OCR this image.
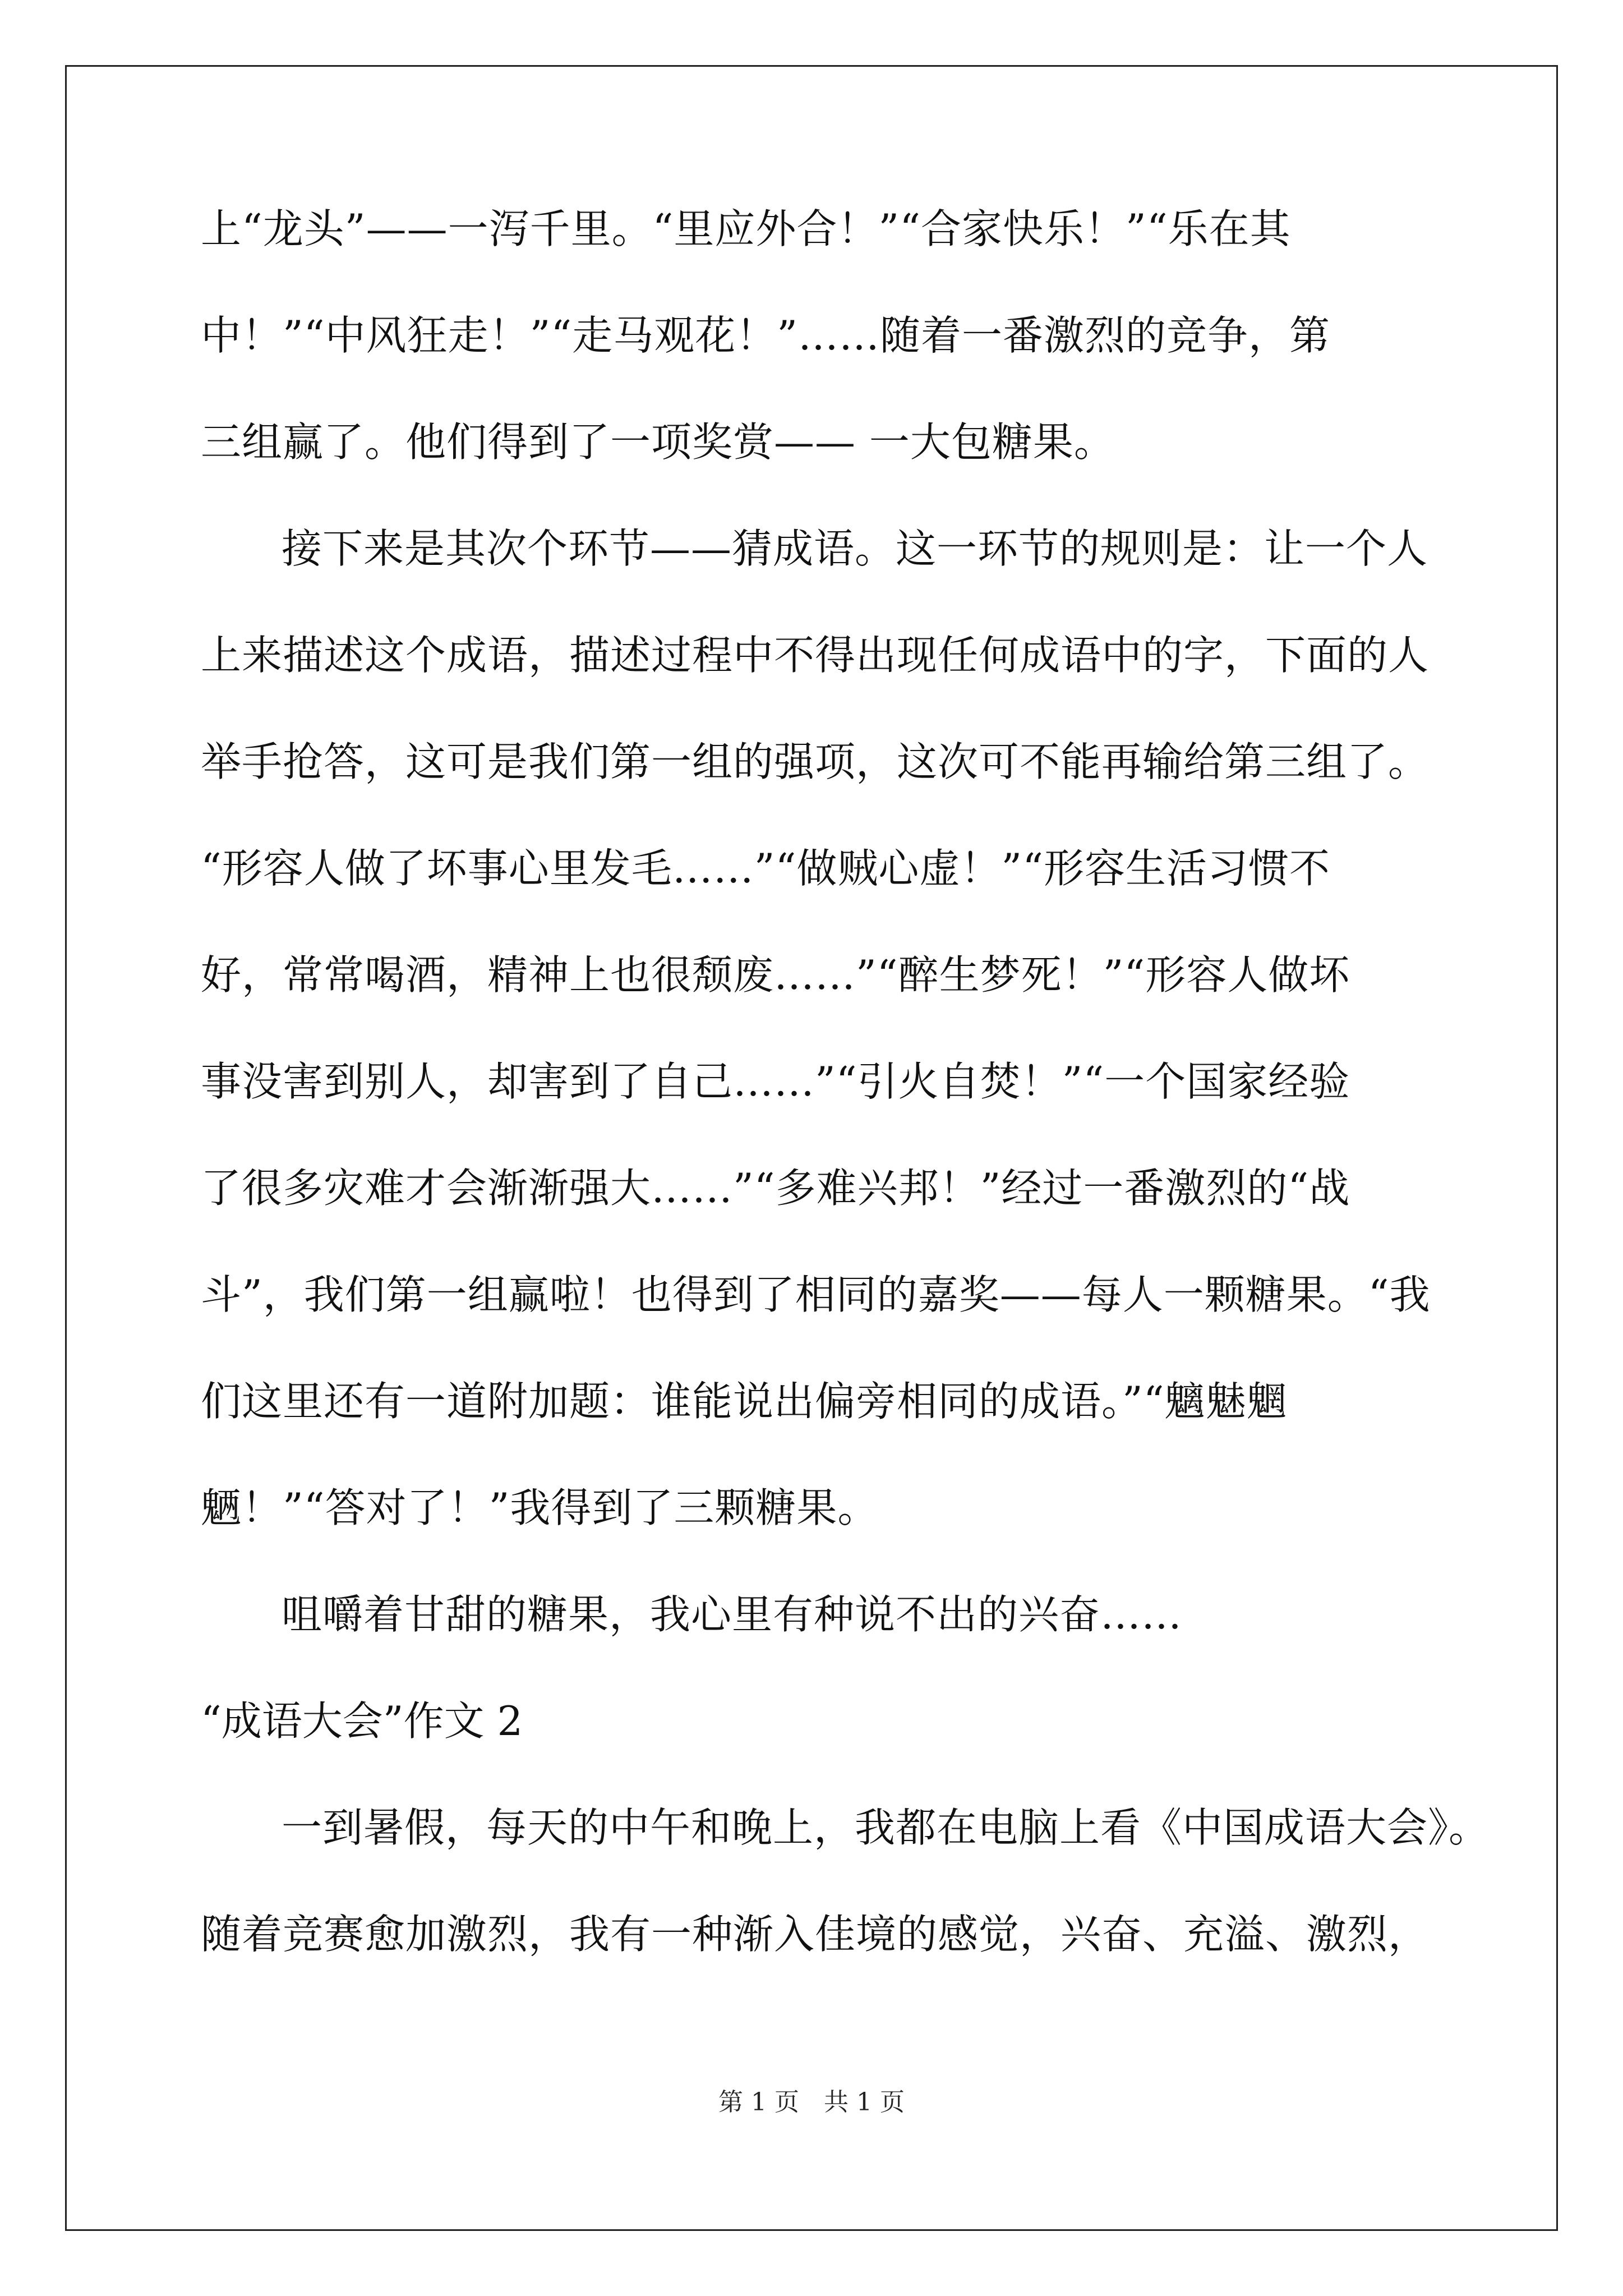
上“龙头”——一泻千里。“里应外合！”“合家快乐！”“乐在其
中！”“中风狂走！”“走马观花！”……随着一番激烈的竞争，第
三组赢了。他们得到了一项奖赏—— 一大包糖果。
接下来是其次个环节——猜成语。这一环节的规则是：让一个人
上来描述这个成语，描述过程中不得出现任何成语中的字，下面的人
举手抢答，这可是我们第一组的强项，这次可不能再输给第三组了。
“形容人做了坏事心里发毛……”“做贼心虚！”“形容生活习惯不
好，常常喝酒，精神上也很颓废……”“醉生梦死！”“形容人做坏
事没害到别人，却害到了自己……”“引火自焚！”“一个国家经验
了很多灾难才会渐渐强大……”“多难兴邦！”经过一番激烈的“战
斗”，我们第一组赢啦！也得到了相同的嘉奖——每人一颗糖果。“我
们这里还有一道附加题：谁能说出偏旁相同的成语。”“魑魅魍
魉！”“答对了！”我得到了三颗糖果。
咀嚼着甘甜的糖果，我心里有种说不出的兴奋……
“成语大会”作文 2
一到暑假，每天的中午和晚上，我都在电脑上看《中国成语大会》。
随着竞赛愈加激烈，我有一种渐入佳境的感觉，兴奋、充溢、激烈，
第 1 页　共 1 页
